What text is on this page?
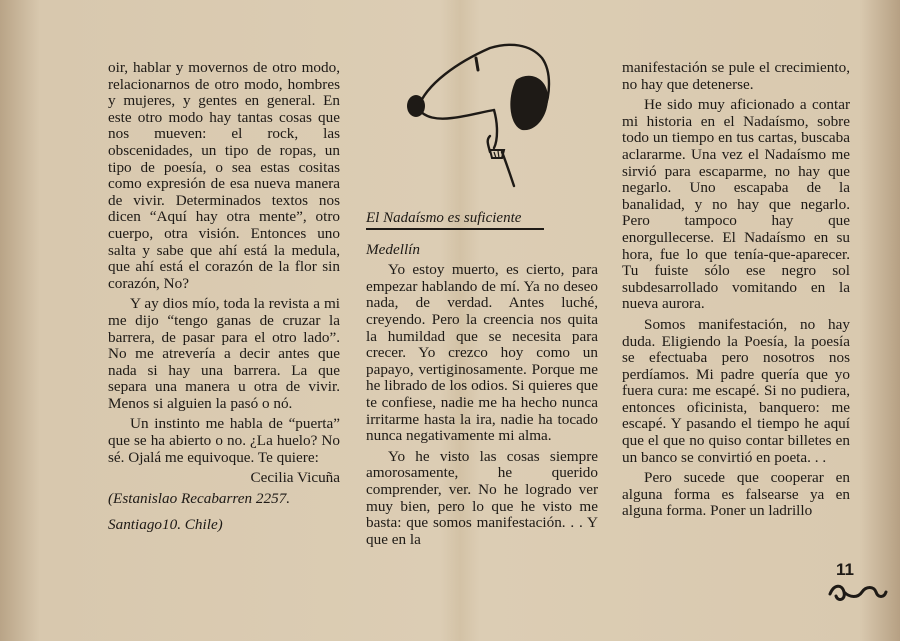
oir, hablar y movernos de otro modo, relacionarnos de otro modo, hombres y mujeres, y gentes en general. En este otro modo hay tantas cosas que nos mueven: el rock, las obscenidades, un tipo de ropas, un tipo de poesía, o sea estas cositas como expresión de esa nueva manera de vivir. Determinados textos nos dicen “Aquí hay otra mente”, otro cuerpo, otra visión. Entonces uno salta y sabe que ahí está la medula, que ahí está el corazón de la flor sin corazón, No?

Y ay dios mío, toda la revista a mi me dijo “tengo ganas de cruzar la barrera, de pasar para el otro lado”. No me atrevería a decir antes que nada si hay una barrera. La que separa una manera u otra de vivir. Menos si alguien la pasó o nó.

Un instinto me habla de “puerta” que se ha abierto o no. ¿La huelo? No sé. Ojalá me equivoque. Te quiere:

Cecilia Vicuña

(Estanislao Recabarren 2257.

Santiago10. Chile)

El Nadaísmo es suficiente

Medellín

Yo estoy muerto, es cierto, para empezar hablando de mí. Ya no deseo nada, de verdad. Antes luché, creyendo. Pero la creencia nos quita la humildad que se necesita para crecer. Yo crezco hoy como un papayo, vertiginosamente. Porque me he librado de los odios. Si quieres que te confiese, nadie me ha hecho nunca irritarme hasta la ira, nadie ha tocado nunca negativamente mi alma.

Yo he visto las cosas siempre amorosamente, he querido comprender, ver. No he logrado ver muy bien, pero lo que he visto me basta: que somos manifestación. . . Y que en la

manifestación se pule el crecimiento, no hay que detenerse.

He sido muy aficionado a contar mi historia en el Nadaísmo, sobre todo un tiempo en tus cartas, buscaba aclararme. Una vez el Nadaísmo me sirvió para escaparme, no hay que negarlo. Uno escapaba de la banalidad, y no hay que negarlo. Pero tampoco hay que enorgullecerse. El Nadaísmo en su hora, fue lo que tenía-que-aparecer. Tu fuiste sólo ese negro sol subdesarrollado vomitando en la nueva aurora.

Somos manifestación, no hay duda. Eligiendo la Poesía, la poesía se efectuaba pero nosotros nos perdíamos. Mi padre quería que yo fuera cura: me escapé. Si no pudiera, entonces oficinista, banquero: me escapé. Y pasando el tiempo he aquí que el que no quiso contar billetes en un banco se convirtió en poeta. . .

Pero sucede que cooperar en alguna forma es falsearse ya en alguna forma. Poner un ladrillo

11
